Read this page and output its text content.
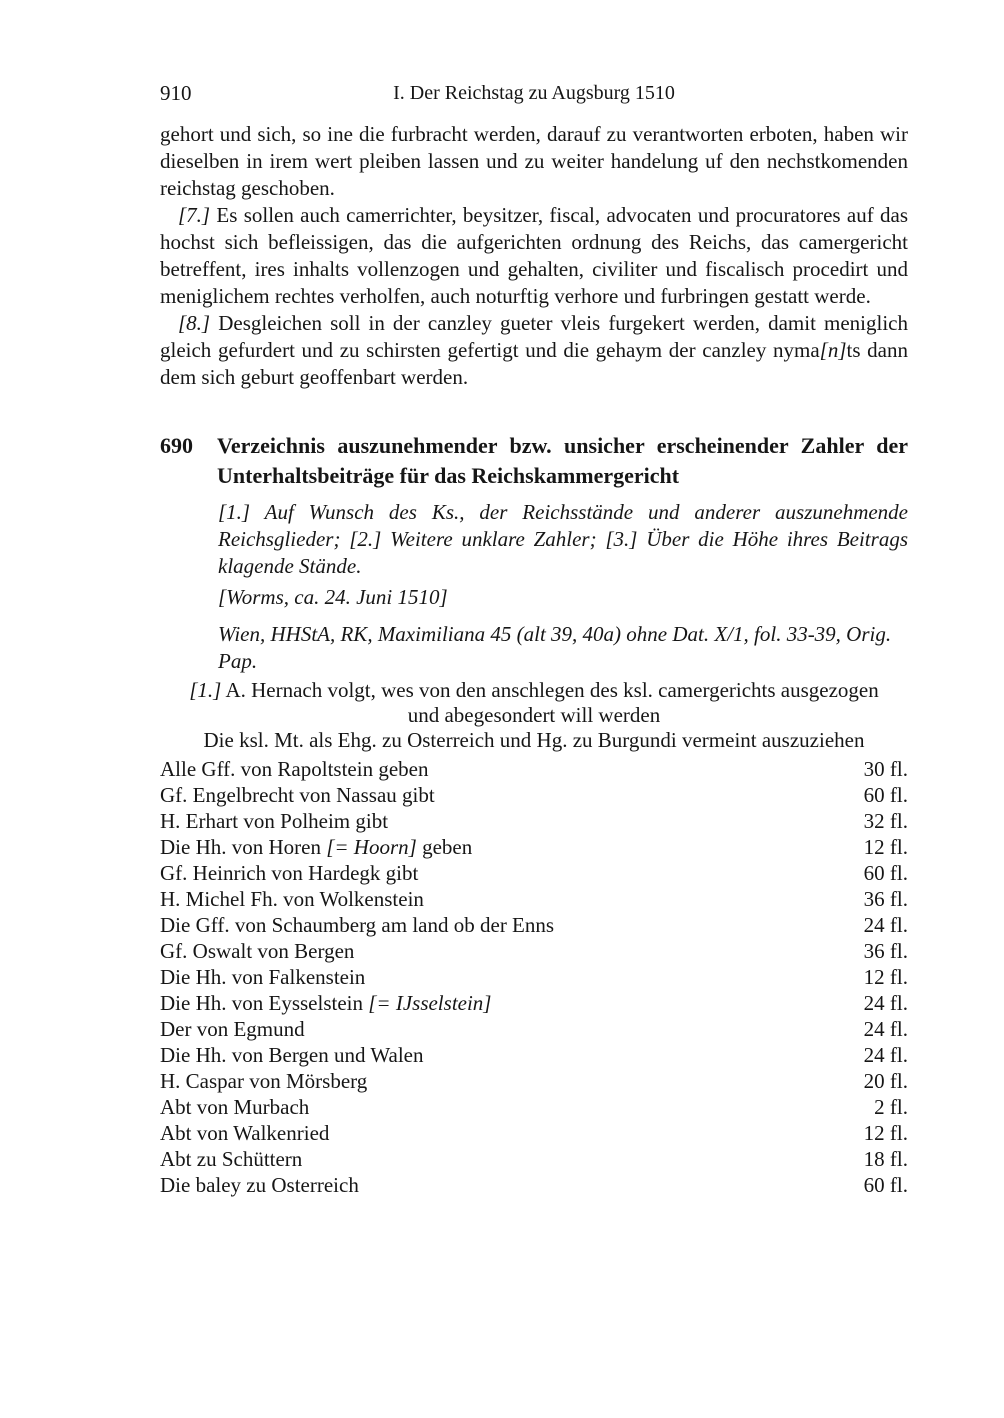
910	I. Der Reichstag zu Augsburg 1510

gehort und sich, so ine die furbracht werden, darauf zu verantworten erboten, haben wir dieselben in irem wert pleiben lassen und zu weiter handelung uf den nechstkomenden reichstag geschoben.

[7.] Es sollen auch camerrichter, beysitzer, fiscal, advocaten und procuratores auf das hochst sich befleissigen, das die aufgerichten ordnung des Reichs, das camergericht betreffent, ires inhalts vollenzogen und gehalten, civiliter und fiscalisch procedirt und meniglichem rechtes verholfen, auch noturftig verhore und furbringen gestatt werde.

[8.] Desgleichen soll in der canzley gueter vleis furgekert werden, damit meniglich gleich gefurdert und zu schirsten gefertigt und die gehaym der canzley nyma[n]ts dann dem sich geburt geoffenbart werden.

690 Verzeichnis auszunehmender bzw. unsicher erscheinender Zahler der Unterhaltsbeiträge für das Reichskammergericht

[1.] Auf Wunsch des Ks., der Reichsstände und anderer auszunehmende Reichsglieder; [2.] Weitere unklare Zahler; [3.] Über die Höhe ihres Beitrags klagende Stände.

[Worms, ca. 24. Juni 1510]

Wien, HHStA, RK, Maximiliana 45 (alt 39, 40a) ohne Dat. X/1, fol. 33-39, Orig. Pap.

[1.] A. Hernach volgt, wes von den anschlegen des ksl. camergerichts ausgezogen und abegesondert will werden

Die ksl. Mt. als Ehg. zu Osterreich und Hg. zu Burgundi vermeint auszuziehen

Alle Gff. von Rapoltstein geben	30 fl.
Gf. Engelbrecht von Nassau gibt	60 fl.
H. Erhart von Polheim gibt	32 fl.
Die Hh. von Horen [= Hoorn] geben	12 fl.
Gf. Heinrich von Hardegk gibt	60 fl.
H. Michel Fh. von Wolkenstein	36 fl.
Die Gff. von Schaumberg am land ob der Enns	24 fl.
Gf. Oswalt von Bergen	36 fl.
Die Hh. von Falkenstein	12 fl.
Die Hh. von Eysselstein [= IJsselstein]	24 fl.
Der von Egmund	24 fl.
Die Hh. von Bergen und Walen	24 fl.
H. Caspar von Mörsberg	20 fl.
Abt von Murbach	2 fl.
Abt von Walkenried	12 fl.
Abt zu Schüttern	18 fl.
Die baley zu Osterreich	60 fl.
